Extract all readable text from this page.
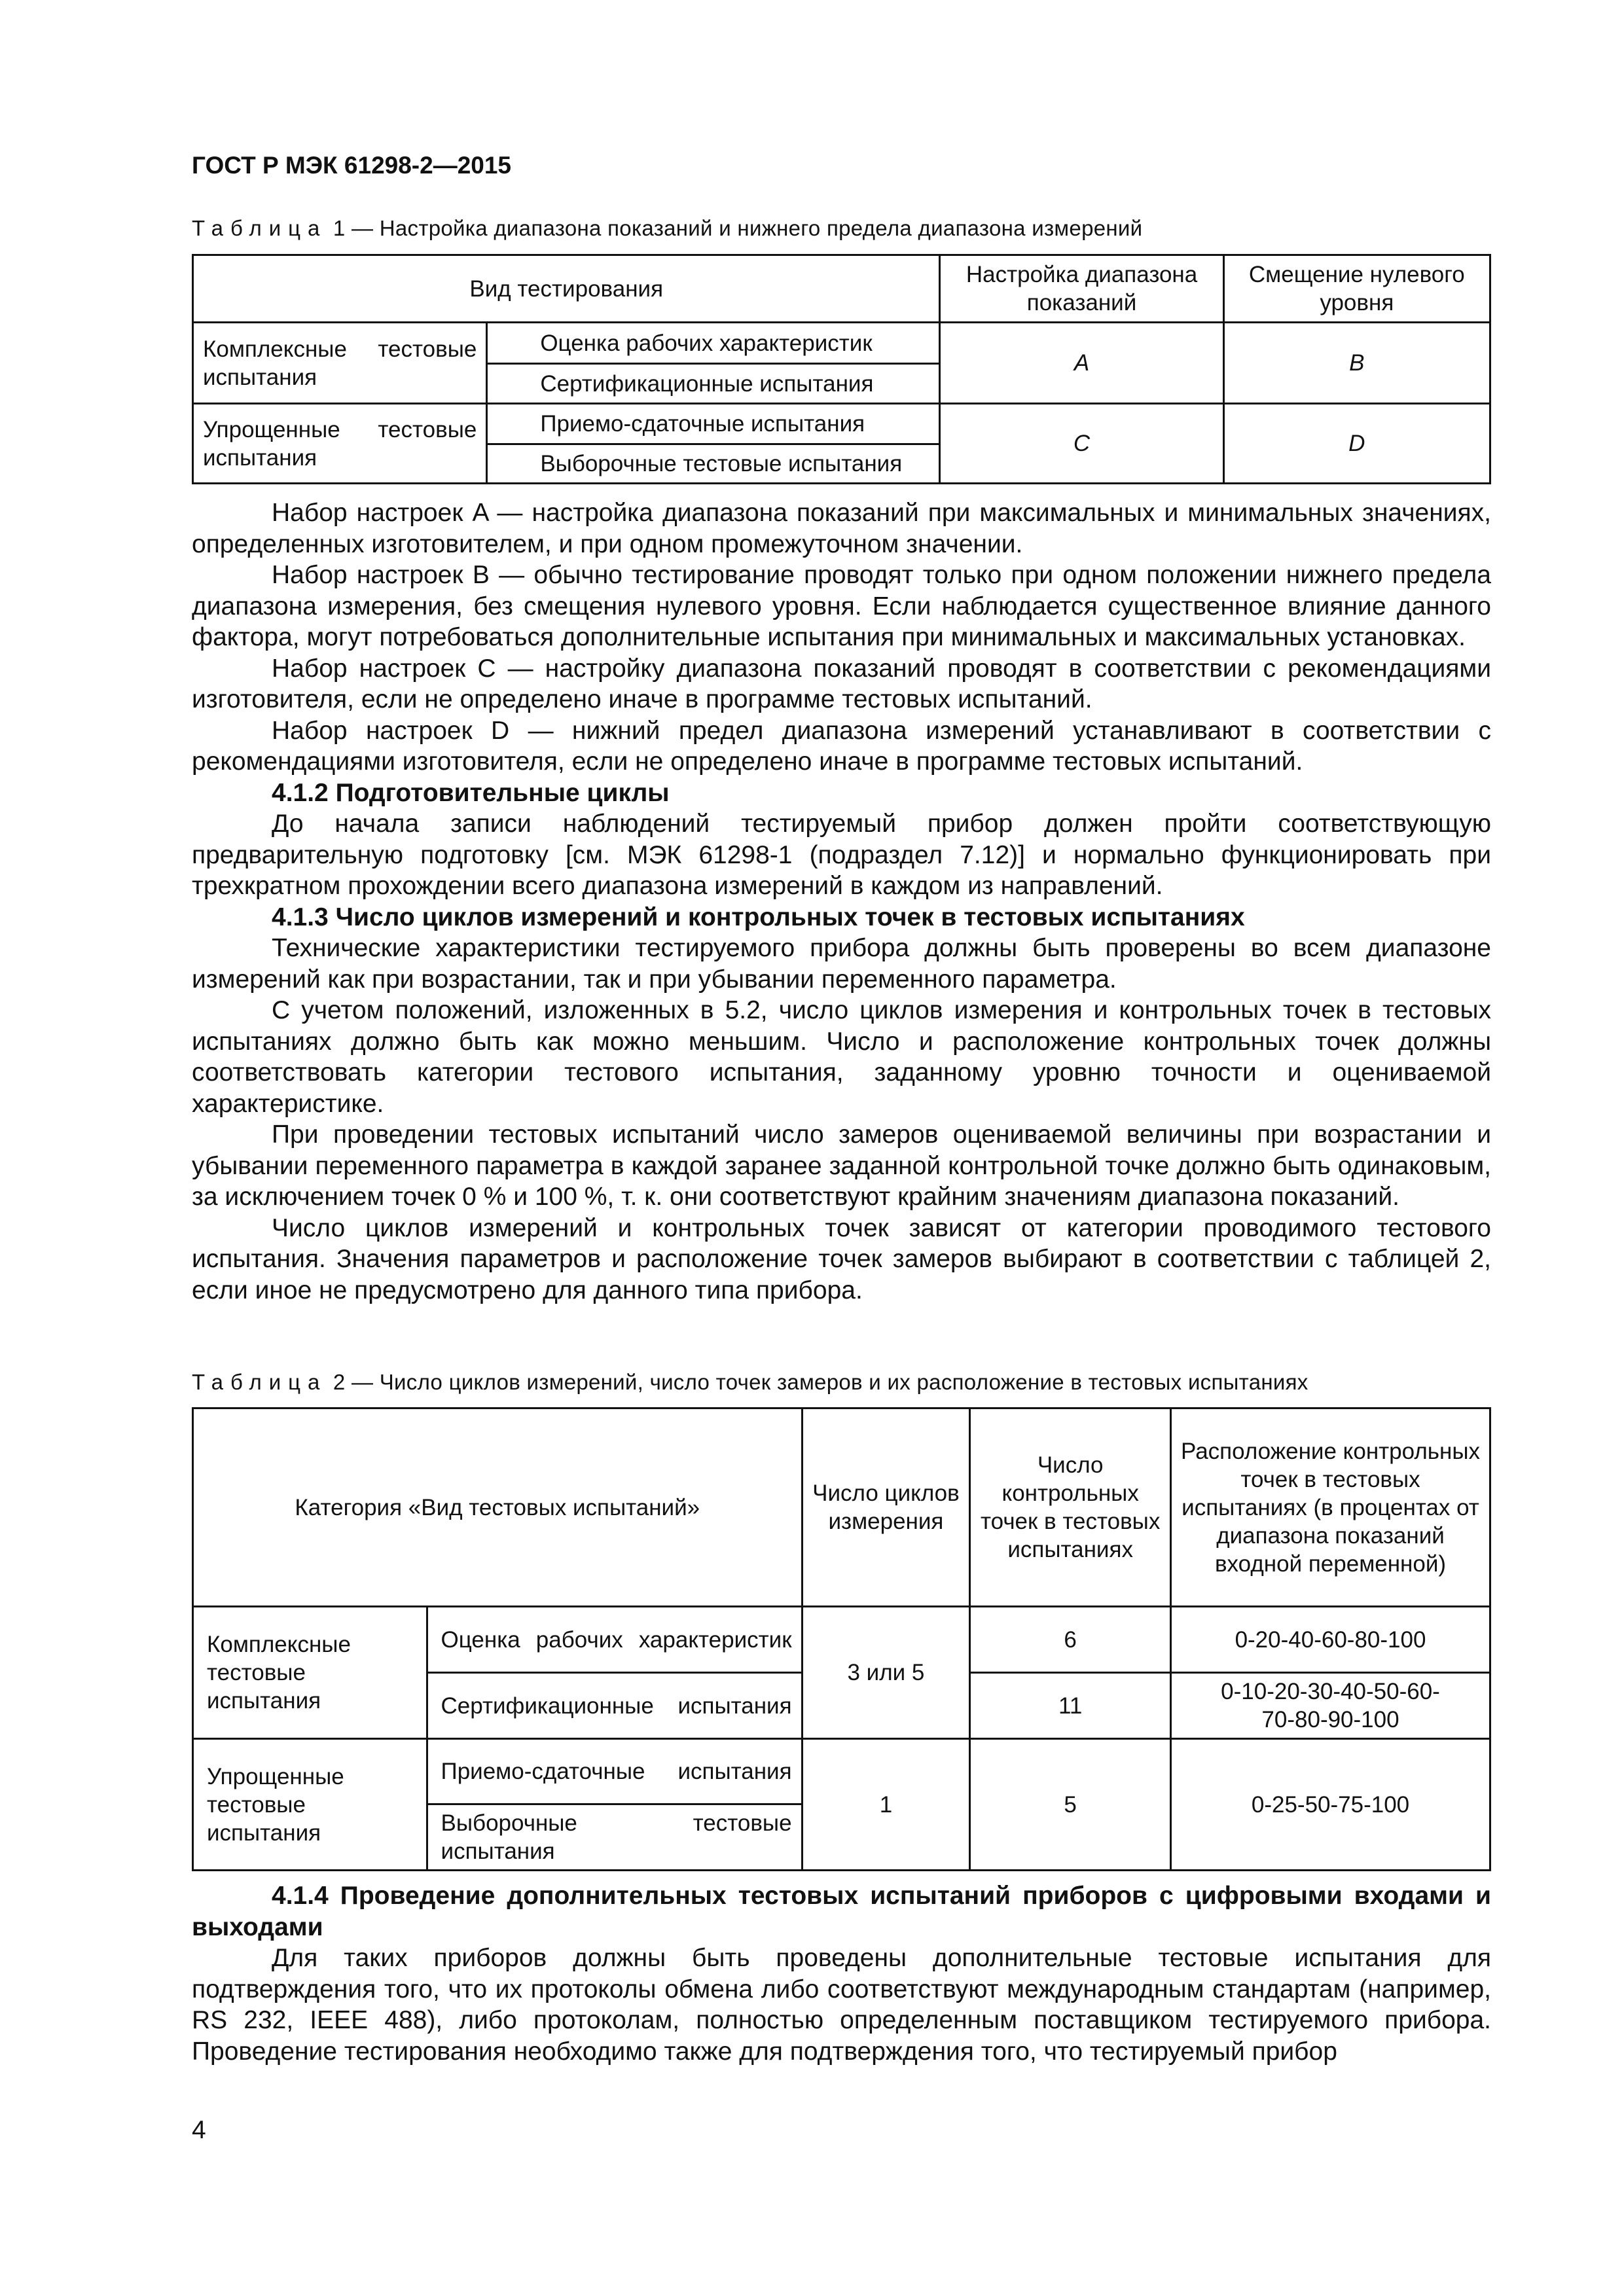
ГОСТ Р МЭК 61298-2—2015
Таблица 1 — Настройка диапазона показаний и нижнего предела диапазона измерений
Вид тестирования		Настройка диапазона показаний	Смещение нулевого уровня
Комплексные тестовые испытания	Оценка рабочих характеристик	A	B
	Сертификационные испытания		
Упрощенные тестовые испытания	Приемо-сдаточные испытания	C	D
	Выборочные тестовые испытания		

Набор настроек A — настройка диапазона показаний при максимальных и минимальных значениях, определенных изготовителем, и при одном промежуточном значении.

Набор настроек B — обычно тестирование проводят только при одном положении нижнего предела диапазона измерения, без смещения нулевого уровня. Если наблюдается существенное влияние данного фактора, могут потребоваться дополнительные испытания при минимальных и максимальных установках.

Набор настроек C — настройку диапазона показаний проводят в соответствии с рекомендациями изготовителя, если не определено иначе в программе тестовых испытаний.

Набор настроек D — нижний предел диапазона измерений устанавливают в соответствии с рекомендациями изготовителя, если не определено иначе в программе тестовых испытаний.

4.1.2 Подготовительные циклы

До начала записи наблюдений тестируемый прибор должен пройти соответствующую предварительную подготовку [см. МЭК 61298-1 (подраздел 7.12)] и нормально функционировать при трехкратном прохождении всего диапазона измерений в каждом из направлений.

4.1.3 Число циклов измерений и контрольных точек в тестовых испытаниях

Технические характеристики тестируемого прибора должны быть проверены во всем диапазоне измерений как при возрастании, так и при убывании переменного параметра.

С учетом положений, изложенных в 5.2, число циклов измерения и контрольных точек в тестовых испытаниях должно быть как можно меньшим. Число и расположение контрольных точек должны соответствовать категории тестового испытания, заданному уровню точности и оцениваемой характеристике.

При проведении тестовых испытаний число замеров оцениваемой величины при возрастании и убывании переменного параметра в каждой заранее заданной контрольной точке должно быть одинаковым, за исключением точек 0 % и 100 %, т. к. они соответствуют крайним значениям диапазона показаний.

Число циклов измерений и контрольных точек зависят от категории проводимого тестового испытания. Значения параметров и расположение точек замеров выбирают в соответствии с таблицей 2, если иное не предусмотрено для данного типа прибора.

Таблица 2 — Число циклов измерений, число точек замеров и их расположение в тестовых испытаниях
Категория «Вид тестовых испытаний»		Число циклов измерения	Число контрольных точек в тестовых испытаниях	Расположение контрольных точек в тестовых испытаниях (в процентах от диапазона показаний входной переменной)
Комплексные тестовые испытания	Оценка рабочих характеристик	3 или 5	6	0-20-40-60-80-100
	Сертификационные испытания		11	0-10-20-30-40-50-60-70-80-90-100
Упрощенные тестовые испытания	Приемо-сдаточные испытания	1	5	0-25-50-75-100
	Выборочные тестовые испытания			

4.1.4 Проведение дополнительных тестовых испытаний приборов с цифровыми входами и выходами

Для таких приборов должны быть проведены дополнительные тестовые испытания для подтверждения того, что их протоколы обмена либо соответствуют международным стандартам (например, RS 232, IEEE 488), либо протоколам, полностью определенным поставщиком тестируемого прибора. Проведение тестирования необходимо также для подтверждения того, что тестируемый прибор

4
